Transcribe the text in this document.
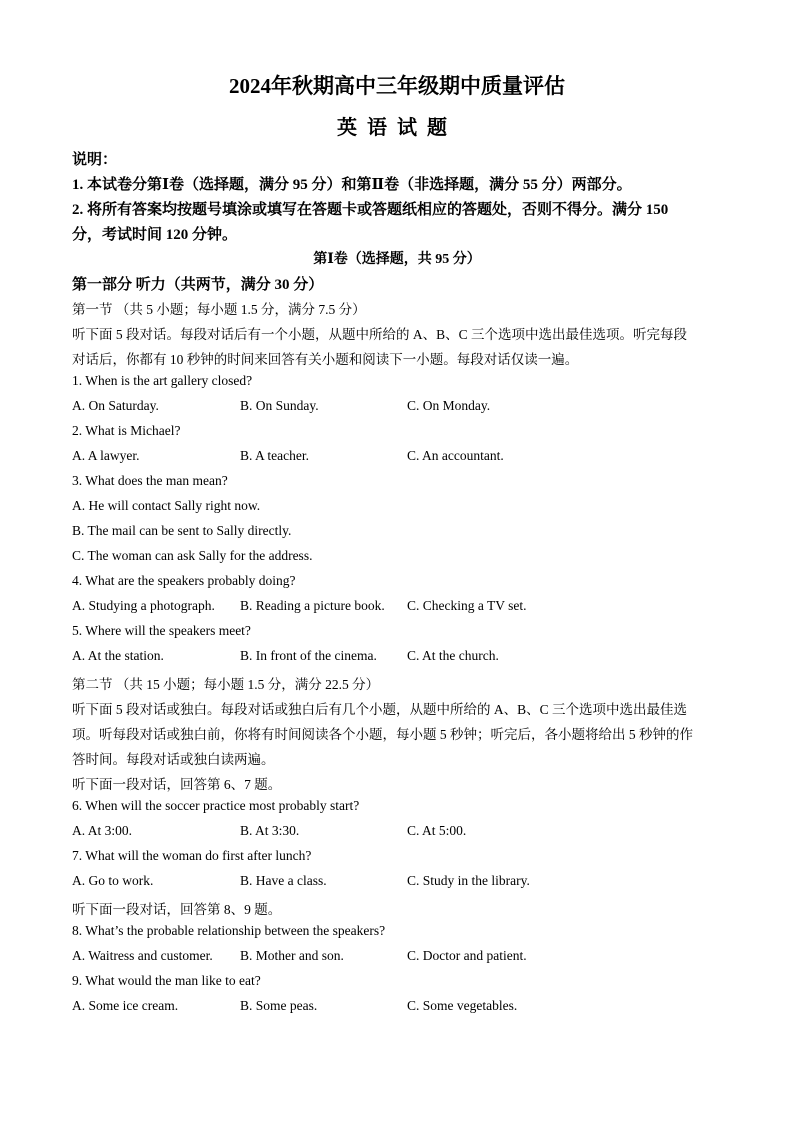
2024年秋期高中三年级期中质量评估
英语试题
说明：
1. 本试卷分第Ⅰ卷（选择题，满分 95 分）和第Ⅱ卷（非选择题，满分 55 分）两部分。
2. 将所有答案均按题号填涂或填写在答题卡或答题纸相应的答题处，否则不得分。满分 150
分，考试时间 120 分钟。
第Ⅰ卷（选择题，共 95 分）
第一部分 听力（共两节，满分 30 分）
第一节 （共 5 小题；每小题 1.5 分，满分 7.5 分）
听下面 5 段对话。每段对话后有一个小题，从题中所给的 A、B、C 三个选项中选出最佳选项。听完每段
对话后，你都有 10 秒钟的时间来回答有关小题和阅读下一小题。每段对话仅读一遍。
1. When is the art gallery closed?
A. On Saturday.	B. On Sunday.	C. On Monday.
2. What is Michael?
A. A lawyer.	B. A teacher.	C. An accountant.
3. What does the man mean?
A. He will contact Sally right now.
B. The mail can be sent to Sally directly.
C. The woman can ask Sally for the address.
4. What are the speakers probably doing?
A. Studying a photograph. B. Reading a picture book. C. Checking a TV set.
5. Where will the speakers meet?
A. At the station.	B. In front of the cinema. C. At the church.
第二节 （共 15 小题；每小题 1.5 分，满分 22.5 分）
听下面 5 段对话或独白。每段对话或独白后有几个小题，从题中所给的 A、B、C 三个选项中选出最佳选
项。听每段对话或独白前，你将有时间阅读各个小题，每小题 5 秒钟；听完后，各小题将给出 5 秒钟的作
答时间。每段对话或独白读两遍。
听下面一段对话，回答第 6、7 题。
6. When will the soccer practice most probably start?
A. At 3:00.	B. At 3:30.	C. At 5:00.
7. What will the woman do first after lunch?
A. Go to work.	B. Have a class.	C. Study in the library.
听下面一段对话，回答第 8、9 题。
8. What’s the probable relationship between the speakers?
A. Waitress and customer. B. Mother and son.	C. Doctor and patient.
9. What would the man like to eat?
A. Some ice cream.	B. Some peas.	C. Some vegetables.
